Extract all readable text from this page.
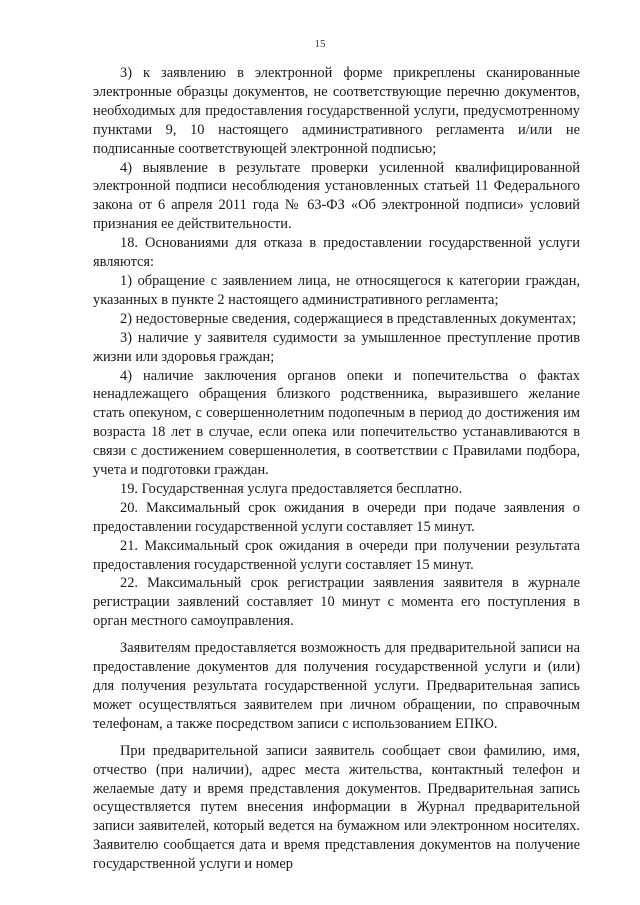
15

3) к заявлению в электронной форме прикреплены сканированные электронные образцы документов, не соответствующие перечню документов, необходимых для предоставления государственной услуги, предусмотренному пунктами 9, 10 настоящего административного регламента и/или не подписанные соответствующей электронной подписью;

4) выявление в результате проверки усиленной квалифицированной электронной подписи несоблюдения установленных статьей 11 Федерального закона от 6 апреля 2011 года № 63-ФЗ «Об электронной подписи» условий признания ее действительности.

18. Основаниями для отказа в предоставлении государственной услуги являются:

1) обращение с заявлением лица, не относящегося к категории граждан, указанных в пункте 2 настоящего административного регламента;

2) недостоверные сведения, содержащиеся в представленных документах;

3) наличие у заявителя судимости за умышленное преступление против жизни или здоровья граждан;

4) наличие заключения органов опеки и попечительства о фактах ненадлежащего обращения близкого родственника, выразившего желание стать опекуном, с совершеннолетним подопечным в период до достижения им возраста 18 лет в случае, если опека или попечительство устанавливаются в связи с достижением совершеннолетия, в соответствии с Правилами подбора, учета и подготовки граждан.

19. Государственная услуга предоставляется бесплатно.

20. Максимальный срок ожидания в очереди при подаче заявления о предоставлении государственной услуги составляет 15 минут.

21. Максимальный срок ожидания в очереди при получении результата предоставления государственной услуги составляет 15 минут.

22. Максимальный срок регистрации заявления заявителя в журнале регистрации заявлений составляет 10 минут с момента его поступления в орган местного самоуправления.

Заявителям предоставляется возможность для предварительной записи на предоставление документов для получения государственной услуги и (или) для получения результата государственной услуги. Предварительная запись может осуществляться заявителем при личном обращении, по справочным телефонам, а также посредством записи с использованием ЕПКО.

При предварительной записи заявитель сообщает свои фамилию, имя, отчество (при наличии), адрес места жительства, контактный телефон и желаемые дату и время представления документов. Предварительная запись осуществляется путем внесения информации в Журнал предварительной записи заявителей, который ведется на бумажном или электронном носителях. Заявителю сообщается дата и время представления документов на получение государственной услуги и номер
